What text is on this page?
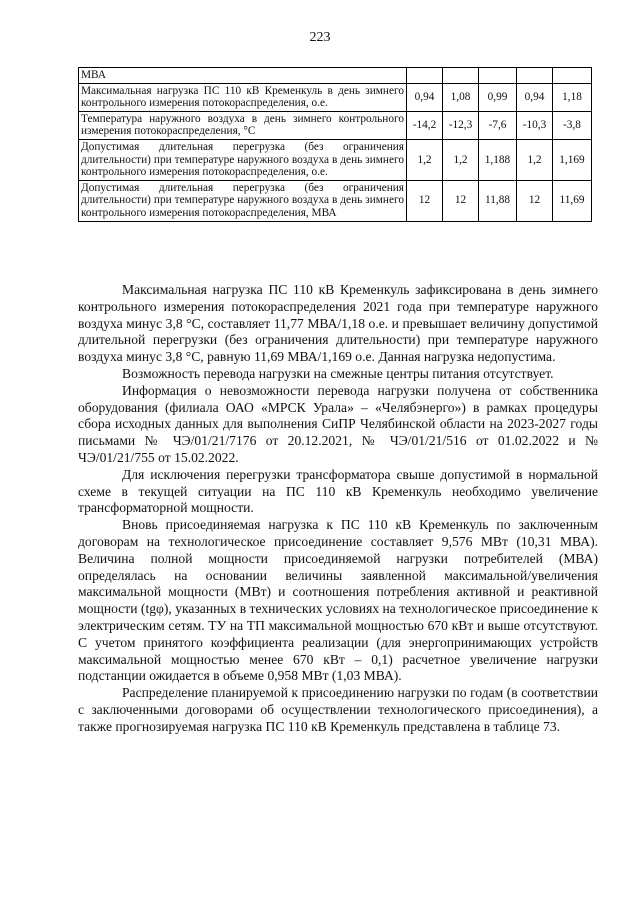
223
МВА					
Максимальная нагрузка ПС 110 кВ Кременкуль в день зимнего контрольного измерения потокораспределения, о.е.	0,94	1,08	0,99	0,94	1,18
Температура наружного воздуха в день зимнего контрольного измерения потокораспределения, °С	-14,2	-12,3	-7,6	-10,3	-3,8
Допустимая длительная перегрузка (без ограничения длительности) при температуре наружного воздуха в день зимнего контрольного измерения потокораспределения, о.е.	1,2	1,2	1,188	1,2	1,169
Допустимая длительная перегрузка (без ограничения длительности) при температуре наружного воздуха в день зимнего контрольного измерения потокораспределения, МВА	12	12	11,88	12	11,69

Максимальная нагрузка ПС 110 кВ Кременкуль зафиксирована в день зимнего контрольного измерения потокораспределения 2021 года при температуре наружного воздуха минус 3,8 °С, составляет 11,77 МВА/1,18 о.е. и превышает величину допустимой длительной перегрузки (без ограничения длительности) при температуре наружного воздуха минус 3,8 °С, равную 11,69 МВА/1,169 о.е. Данная нагрузка недопустима.

Возможность перевода нагрузки на смежные центры питания отсутствует.

Информация о невозможности перевода нагрузки получена от собственника оборудования (филиала ОАО «МРСК Урала» – «Челябэнерго») в рамках процедуры сбора исходных данных для выполнения СиПР Челябинской области на 2023-2027 годы письмами № ЧЭ/01/21/7176 от 20.12.2021, № ЧЭ/01/21/516 от 01.02.2022 и № ЧЭ/01/21/755 от 15.02.2022.

Для исключения перегрузки трансформатора свыше допустимой в нормальной схеме в текущей ситуации на ПС 110 кВ Кременкуль необходимо увеличение трансформаторной мощности.

Вновь присоединяемая нагрузка к ПС 110 кВ Кременкуль по заключенным договорам на технологическое присоединение составляет 9,576 МВт (10,31 МВА). Величина полной мощности присоединяемой нагрузки потребителей (МВА) определялась на основании величины заявленной максимальной/увеличения максимальной мощности (МВт) и соотношения потребления активной и реактивной мощности (tgφ), указанных в технических условиях на технологическое присоединение к электрическим сетям. ТУ на ТП максимальной мощностью 670 кВт и выше отсутствуют. С учетом принятого коэффициента реализации (для энергопринимающих устройств максимальной мощностью менее 670 кВт – 0,1) расчетное увеличение нагрузки подстанции ожидается в объеме 0,958 МВт (1,03 МВА).

Распределение планируемой к присоединению нагрузки по годам (в соответствии с заключенными договорами об осуществлении технологического присоединения), а также прогнозируемая нагрузка ПС 110 кВ Кременкуль представлена в таблице 73.
